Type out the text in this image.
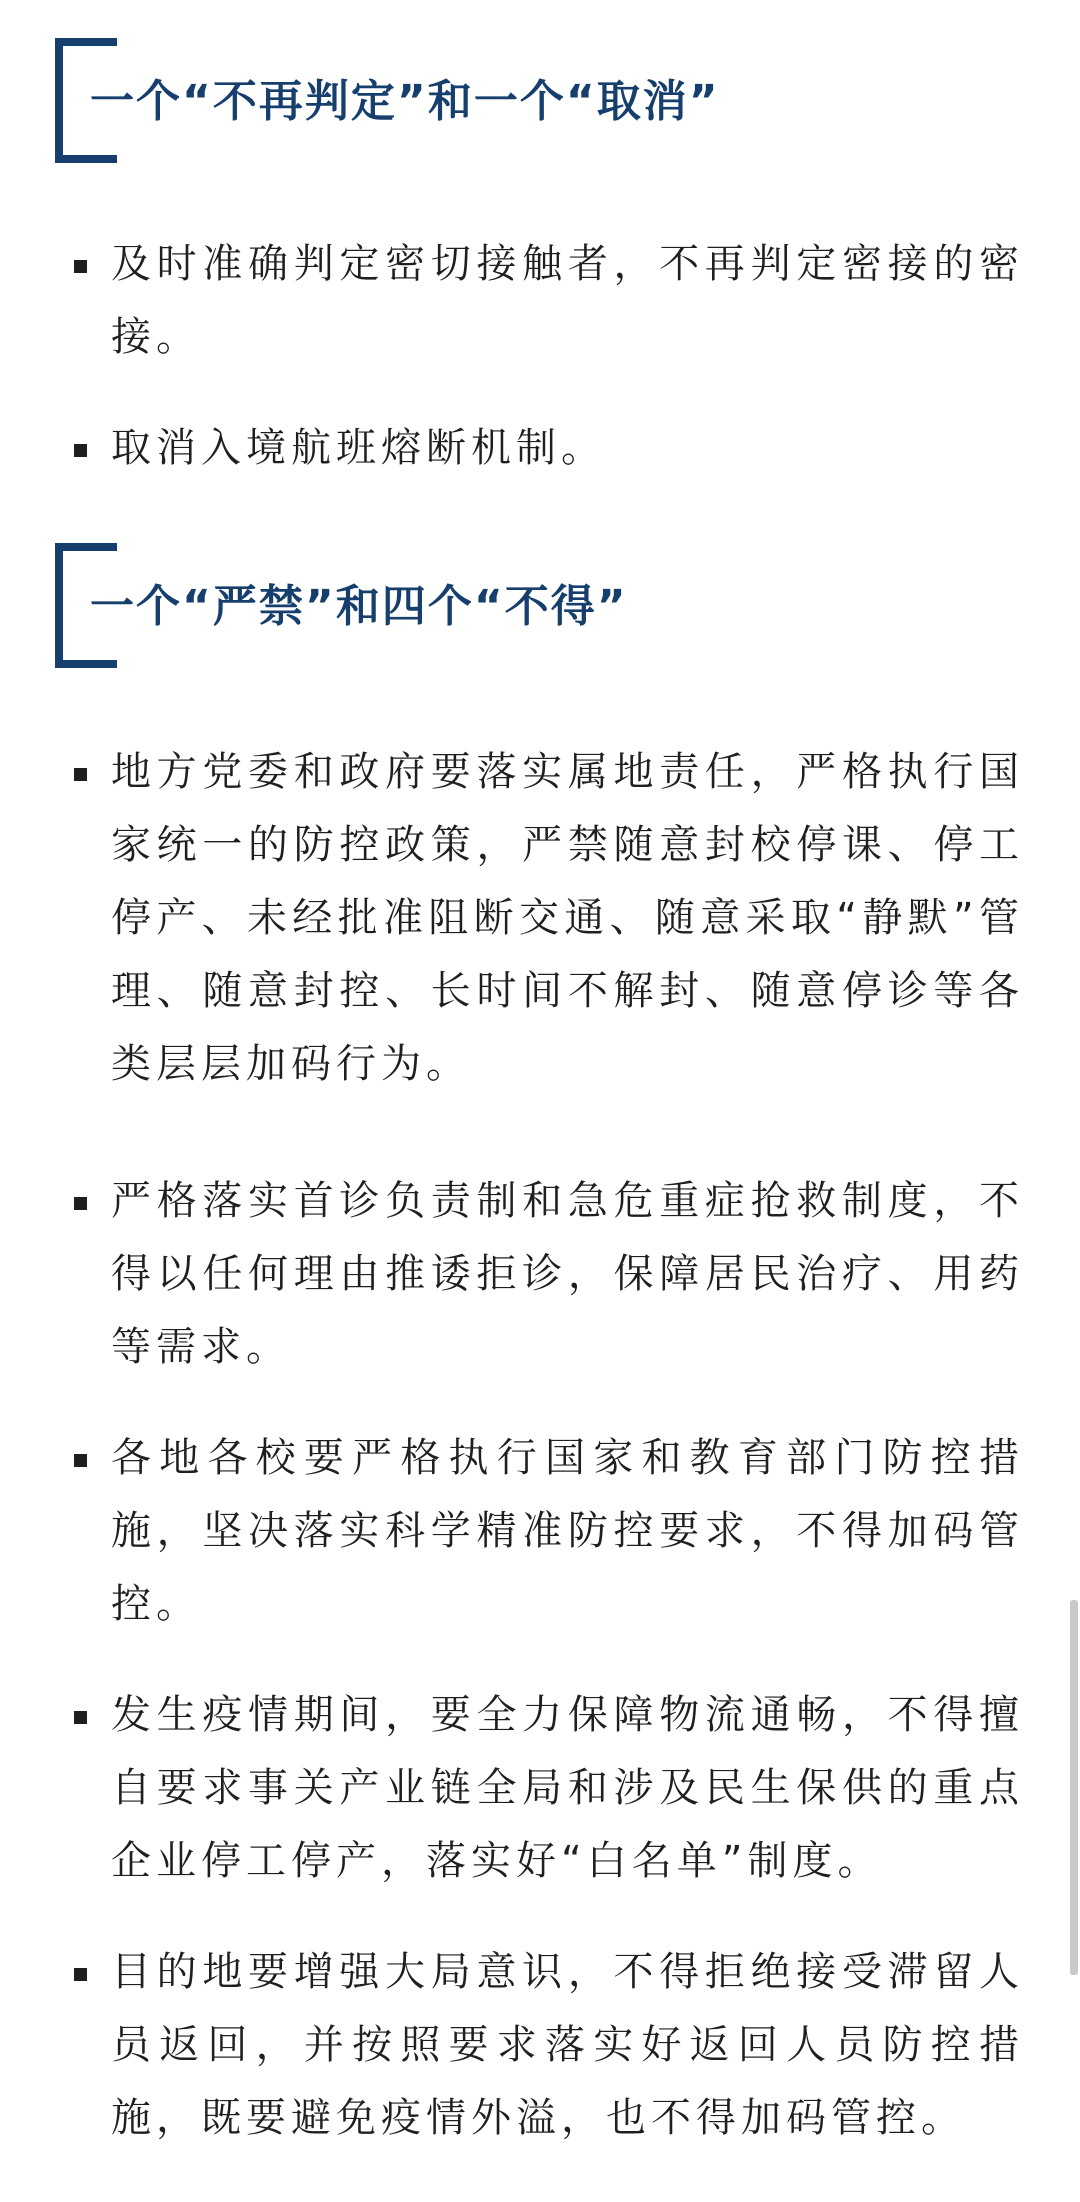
一个“不再判定”和一个“取消”
及时准确判定密切接触者，不再判定密接的密接。
取消入境航班熔断机制。
一个“严禁”和四个“不得”
地方党委和政府要落实属地责任，严格执行国家统一的防控政策，严禁随意封校停课、停工停产、未经批准阻断交通、随意采取“静默”管理、随意封控、长时间不解封、随意停诊等各类层层加码行为。
严格落实首诊负责制和急危重症抢救制度，不得以任何理由推诿拒诊，保障居民治疗、用药等需求。
各地各校要严格执行国家和教育部门防控措施，坚决落实科学精准防控要求，不得加码管控。
发生疫情期间，要全力保障物流通畅，不得擅自要求事关产业链全局和涉及民生保供的重点企业停工停产，落实好“白名单”制度。
目的地要增强大局意识，不得拒绝接受滞留人员返回，并按照要求落实好返回人员防控措施，既要避免疫情外溢，也不得加码管控。
